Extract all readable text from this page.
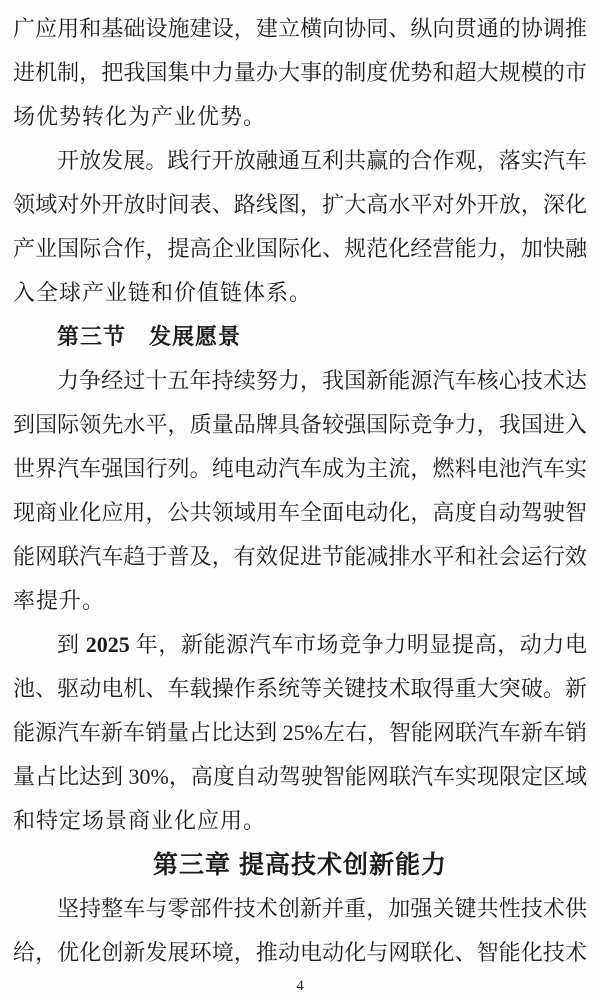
广应用和基础设施建设，建立横向协同、纵向贯通的协调推
进机制，把我国集中力量办大事的制度优势和超大规模的市
场优势转化为产业优势。
开放发展。践行开放融通互利共赢的合作观，落实汽车
领域对外开放时间表、路线图，扩大高水平对外开放，深化
产业国际合作，提高企业国际化、规范化经营能力，加快融
入全球产业链和价值链体系。
第三节　发展愿景
力争经过十五年持续努力，我国新能源汽车核心技术达
到国际领先水平，质量品牌具备较强国际竞争力，我国进入
世界汽车强国行列。纯电动汽车成为主流，燃料电池汽车实
现商业化应用，公共领域用车全面电动化，高度自动驾驶智
能网联汽车趋于普及，有效促进节能减排水平和社会运行效
率提升。
到 2025 年，新能源汽车市场竞争力明显提高，动力电
池、驱动电机、车载操作系统等关键技术取得重大突破。新
能源汽车新车销量占比达到 25%左右，智能网联汽车新车销
量占比达到 30%，高度自动驾驶智能网联汽车实现限定区域
和特定场景商业化应用。
第三章 提高技术创新能力
坚持整车与零部件技术创新并重，加强关键共性技术供
给，优化创新发展环境，推动电动化与网联化、智能化技术
4
